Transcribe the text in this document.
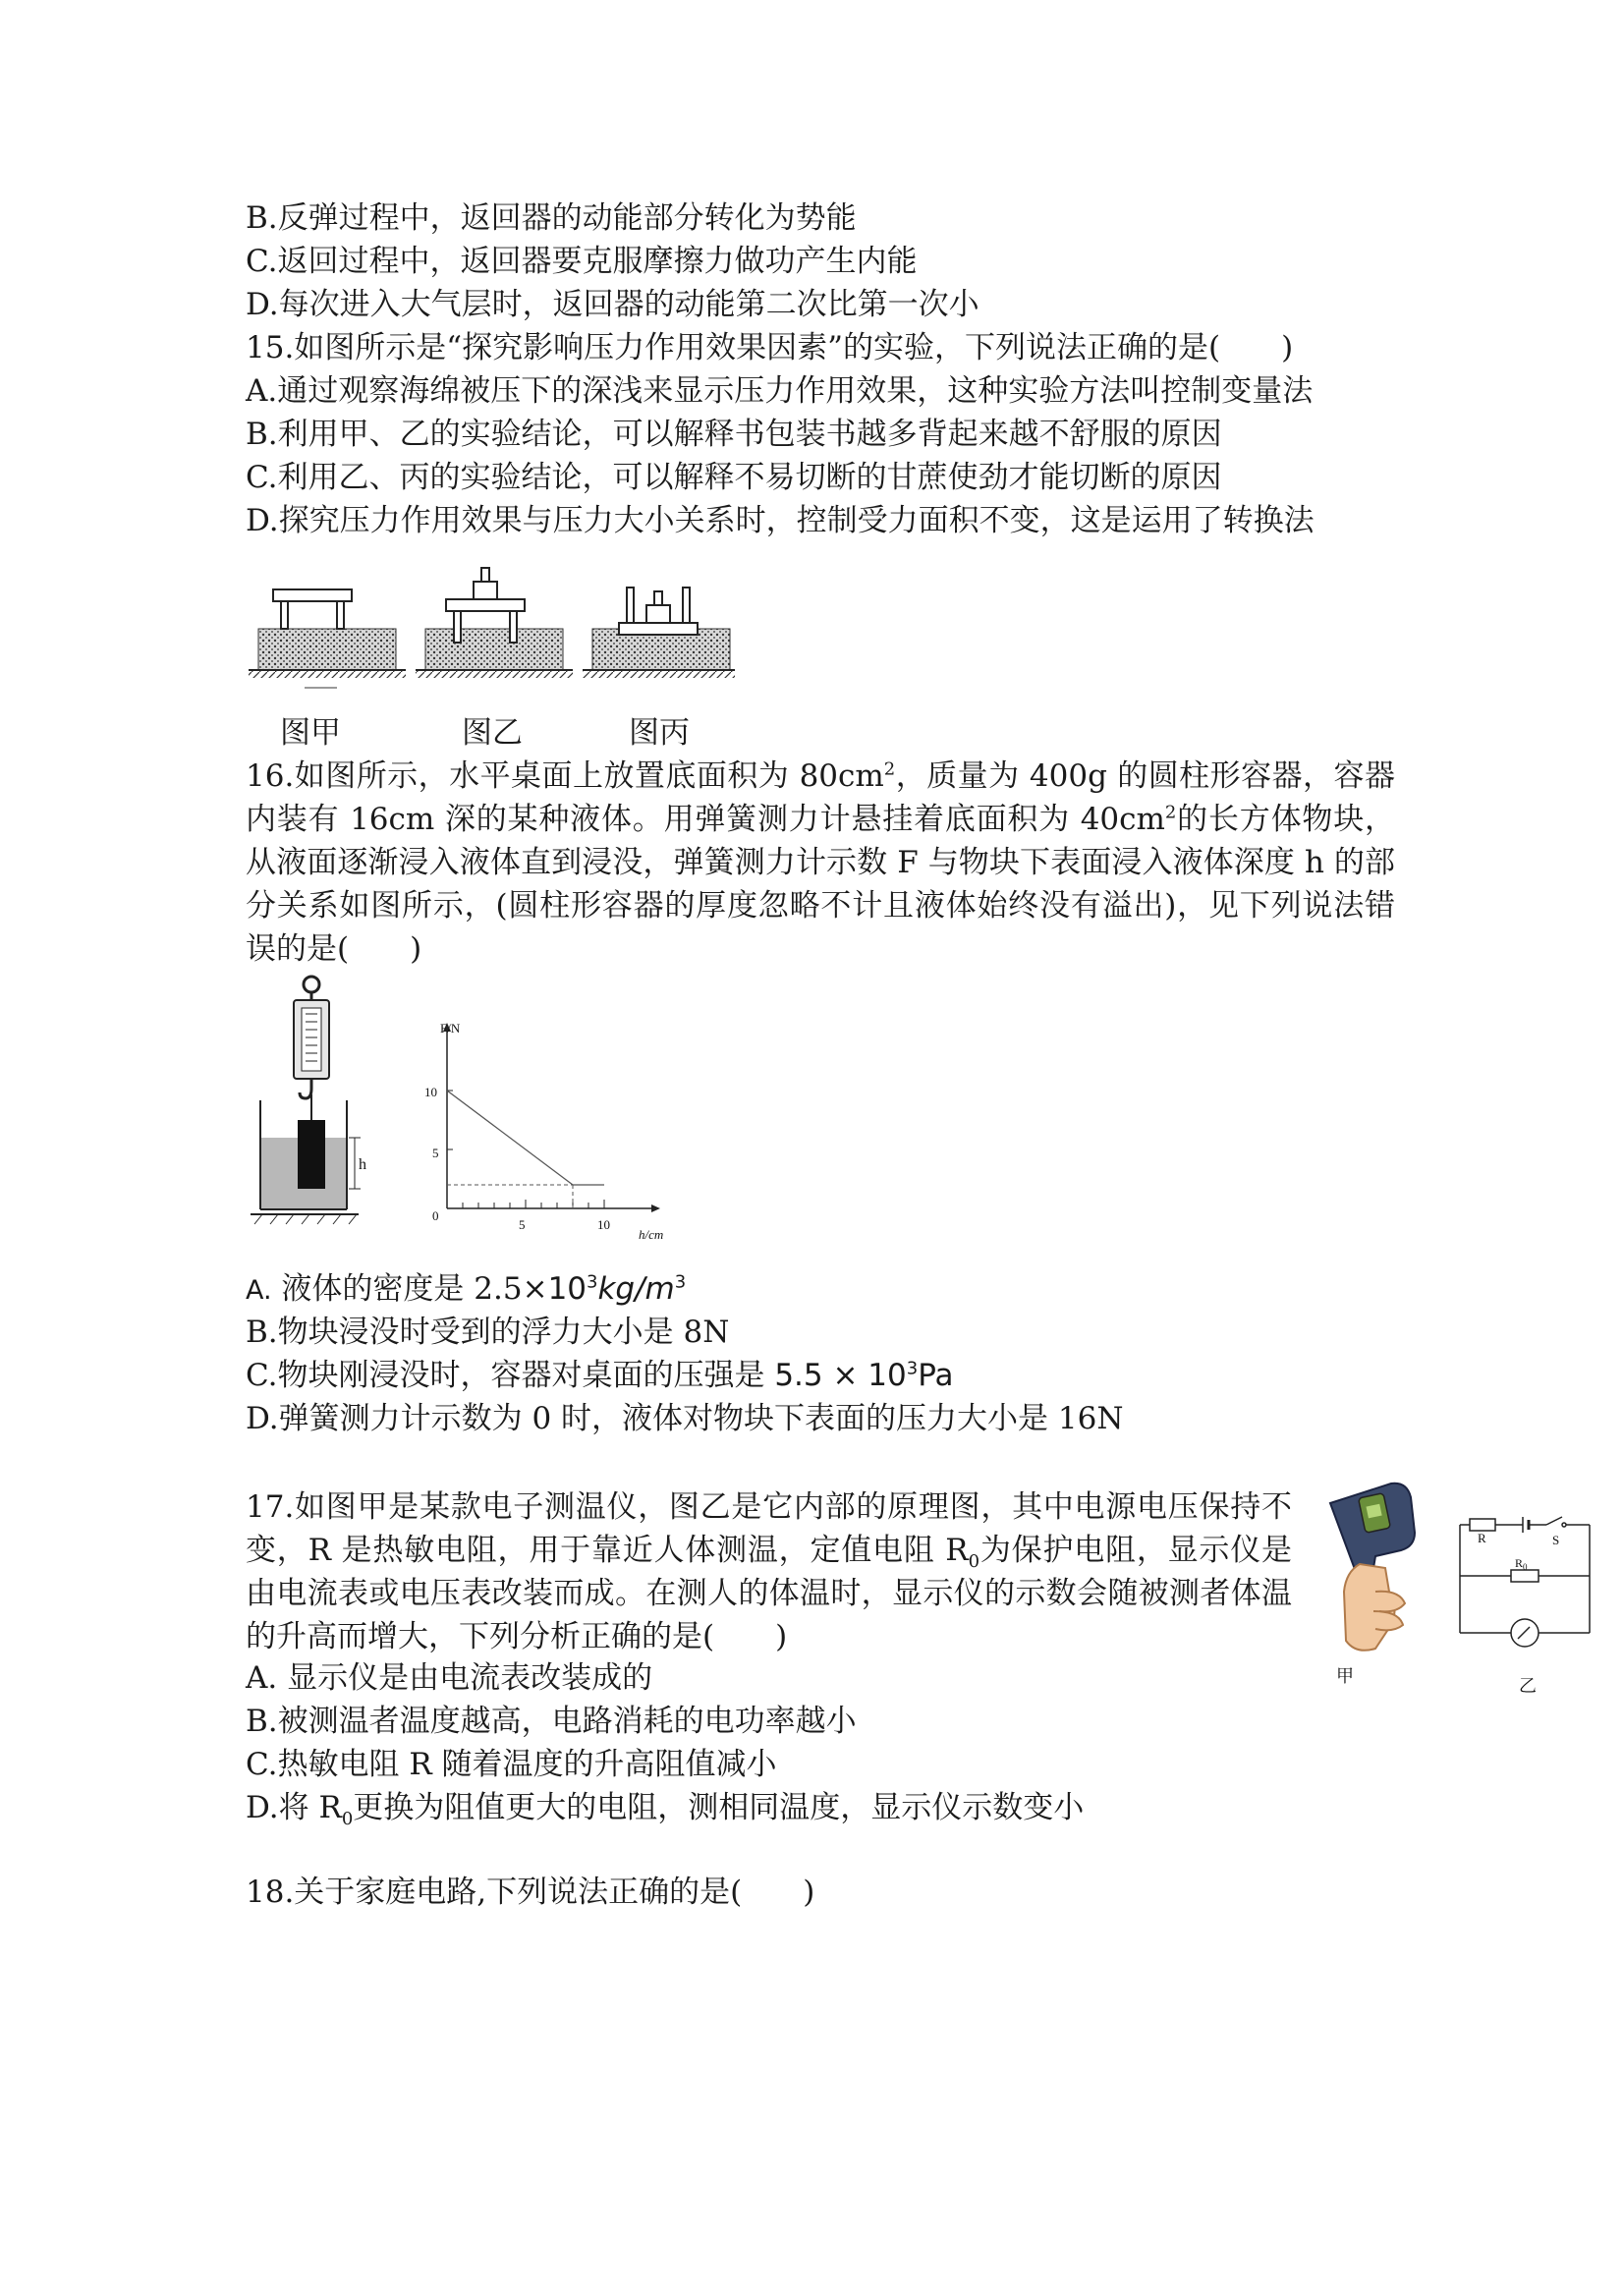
B.反弹过程中，返回器的动能部分转化为势能
C.返回过程中，返回器要克服摩擦力做功产生内能
D.每次进入大气层时，返回器的动能第二次比第一次小
15.如图所示是“探究影响压力作用效果因素”的实验，下列说法正确的是(　　)
A.通过观察海绵被压下的深浅来显示压力作用效果，这种实验方法叫控制变量法
B.利用甲、乙的实验结论，可以解释书包装书越多背起来越不舒服的原因
C.利用乙、丙的实验结论，可以解释不易切断的甘蔗使劲才能切断的原因
D.探究压力作用效果与压力大小关系时，控制受力面积不变，这是运用了转换法
图甲	图乙	图丙
16.如图所示，水平桌面上放置底面积为 $80cm^2$，质量为 400g 的圆柱形容器，容器内装有 16cm 深的某种液体。用弹簧测力计悬挂着底面积为 $40cm^2$的长方体物块，从液面逐渐浸入液体直到浸没，弹簧测力计示数 F 与物块下表面浸入液体深度 h 的部分关系如图所示，(圆柱形容器的厚度忽略不计且液体始终没有溢出)，见下列说法错误的是(　　)
h
F/N
h/cm
10
5
0
5	10
A. 液体的密度是 $2.5\times 10^3kg/m^3$
B.物块浸没时受到的浮力大小是 8N
C.物块刚浸没时，容器对桌面的压强是 $5.5 \times 10^3Pa$
D.弹簧测力计示数为 0 时，液体对物块下表面的压力大小是 16N
17.如图甲是某款电子测温仪，图乙是它内部的原理图，其中电源电压保持不变，R 是热敏电阻，用于靠近人体测温，定值电阻 $R_0$为保护电阻，显示仪是由电流表或电压表改装而成。在测人的体温时，显示仪的示数会随被测者体温的升高而增大，下列分析正确的是(　　)
甲
R	S
$R_0$
乙
A. 显示仪是由电流表改装成的
B.被测温者温度越高，电路消耗的电功率越小
C.热敏电阻 R 随着温度的升高阻值减小
D.将 $R_0$更换为阻值更大的电阻，测相同温度，显示仪示数变小
18.关于家庭电路,下列说法正确的是(　　)
